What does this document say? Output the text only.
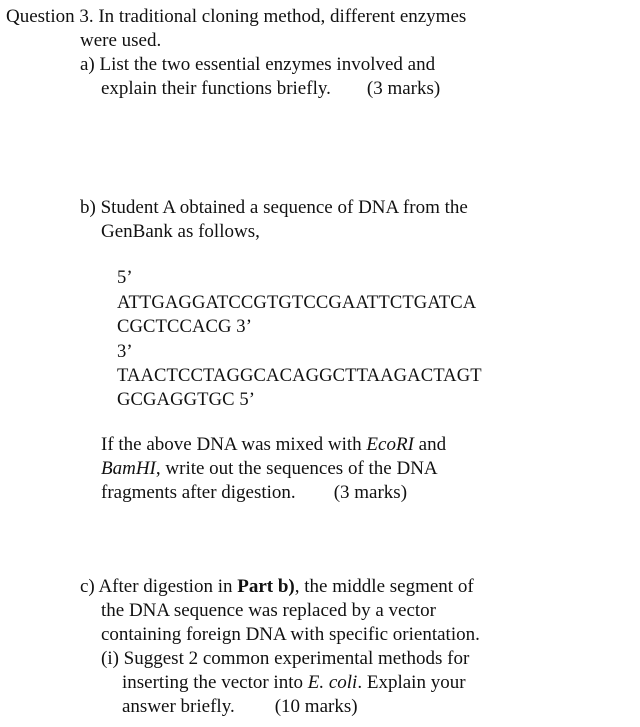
Question 3. In traditional cloning method, different enzymes
were used.
a) List the two essential enzymes involved and
explain their functions briefly. (3 marks)
b) Student A obtained a sequence of DNA from the
GenBank as follows,
5’
ATTGAGGATCCGTGTCCGAATTCTGATCA
CGCTCCACG 3’
3’
TAACTCCTAGGCACAGGCTTAAGACTAGT
GCGAGGTGC 5’
If the above DNA was mixed with EcoRI and
BamHI, write out the sequences of the DNA
fragments after digestion. (3 marks)
c) After digestion in Part b), the middle segment of
the DNA sequence was replaced by a vector
containing foreign DNA with specific orientation.
(i) Suggest 2 common experimental methods for
inserting the vector into E. coli. Explain your
answer briefly. (10 marks)
